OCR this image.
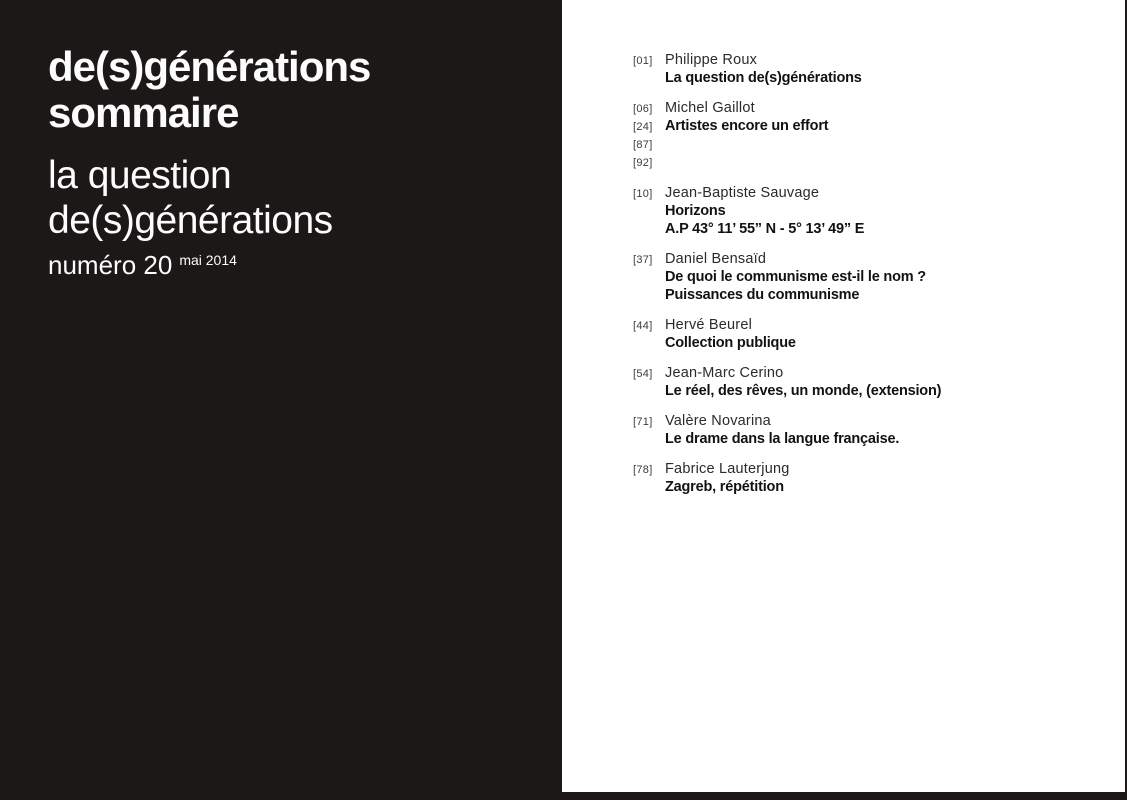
de(s)générations
sommaire
la question
de(s)générations
numéro 20 $^{mai 2014}$
[01] Philippe Roux
La question de(s)générations
[06]
[24]
[87]
[92]
Michel Gaillot
Artistes encore un effort
[10] Jean-Baptiste Sauvage
Horizons
A.P 43° 11’ 55” N - 5° 13’ 49” E
[37] Daniel Bensaïd
De quoi le communisme est-il le nom ?
Puissances du communisme
[44] Hervé Beurel
Collection publique
[54] Jean-Marc Cerino
Le réel, des rêves, un monde, (extension)
[71] Valère Novarina
Le drame dans la langue française.
[78] Fabrice Lauterjung
Zagreb, répétition
